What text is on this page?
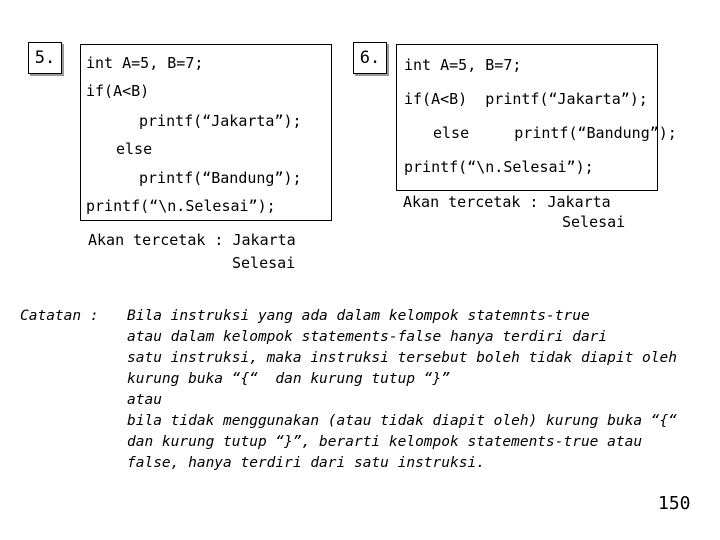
5. int A=5, B=7;
if(A<B)
printf(“Jakarta”);
else
printf(“Bandung”);
printf(“\n.Selesai”);
Akan tercetak : Jakarta
Selesai
6. int A=5, B=7;
if(A<B)  printf(“Jakarta”);
else     printf(“Bandung”);
printf(“\n.Selesai”);
Akan tercetak : Jakarta
Selesai
Catatan : Bila instruksi yang ada dalam kelompok statemnts-true
atau dalam kelompok statements-false hanya terdiri dari
satu instruksi, maka instruksi tersebut boleh tidak diapit oleh
kurung buka “{“  dan kurung tutup “}”
atau
bila tidak menggunakan (atau tidak diapit oleh) kurung buka “{“
dan kurung tutup “}”, berarti kelompok statements-true atau
false, hanya terdiri dari satu instruksi.
150
